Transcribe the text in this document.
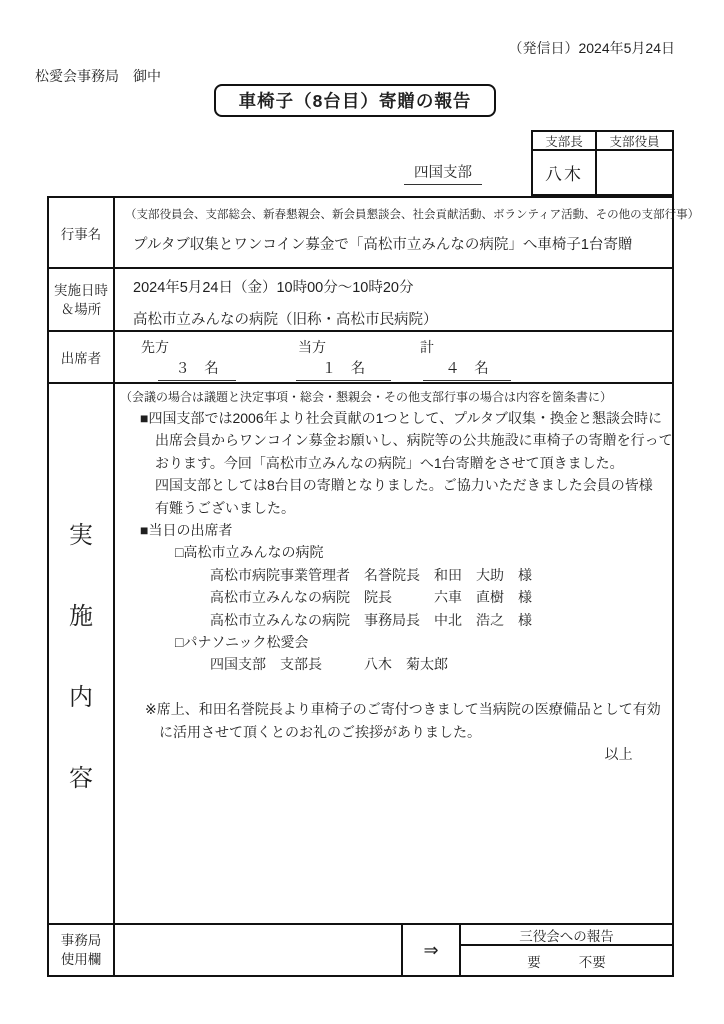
（発信日）2024年5月24日
松愛会事務局　御中
車椅子（8台目）寄贈の報告
四国支部
支部長	支部役員
八木
行事名
（支部役員会、支部総会、新春懇親会、新会員懇談会、社会貢献活動、ボランティア活動、その他の支部行事）
プルタブ収集とワンコイン募金で「高松市立みんなの病院」へ車椅子1台寄贈
実施日時
＆場所
2024年5月24日（金）10時00分～10時20分
高松市立みんなの病院（旧称・高松市民病院）
出席者
先方	当方	計
３　名	１　名	４　名
実
施
内
容
（会議の場合は議題と決定事項・総会・懇親会・その他支部行事の場合は内容を箇条書に）
■四国支部では2006年より社会貢献の1つとして、プルタブ収集・換金と懇談会時に
出席会員からワンコイン募金お願いし、病院等の公共施設に車椅子の寄贈を行って
おります。今回「高松市立みんなの病院」へ1台寄贈をさせて頂きました。
四国支部としては8台目の寄贈となりました。ご協力いただきました会員の皆様
有難うございました。
■当日の出席者
□高松市立みんなの病院
高松市病院事業管理者　名誉院長　和田　大助　様
高松市立みんなの病院　院長　　　六車　直樹　様
高松市立みんなの病院　事務局長　中北　浩之　様
□パナソニック松愛会
四国支部　支部長　　　八木　菊太郎
※席上、和田名誉院長より車椅子のご寄付つきまして当病院の医療備品として有効
に活用させて頂くとのお礼のご挨拶がありました。
以上
事務局
使用欄	⇒
三役会への報告
要	不要
